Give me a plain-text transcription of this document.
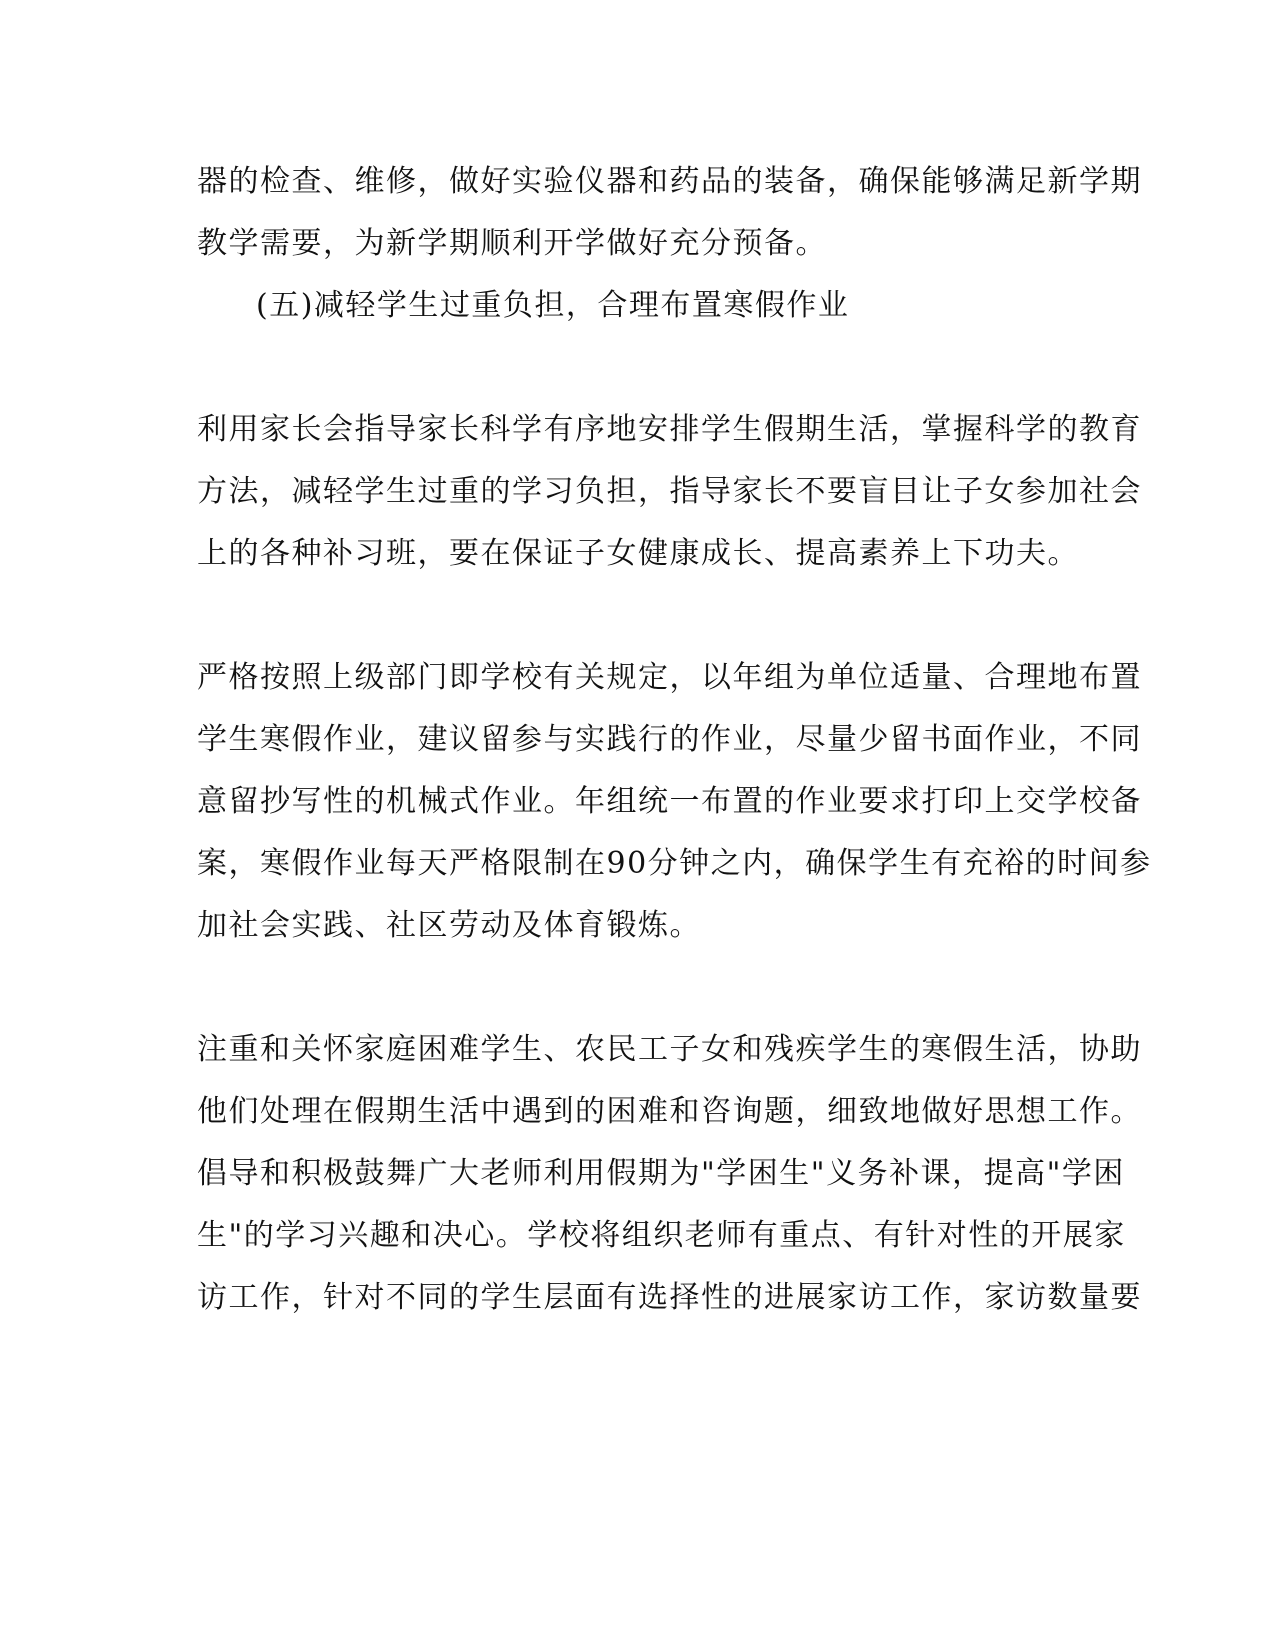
器的检查、维修，做好实验仪器和药品的装备，确保能够满足新学期
教学需要，为新学期顺利开学做好充分预备。
(五)减轻学生过重负担，合理布置寒假作业
利用家长会指导家长科学有序地安排学生假期生活，掌握科学的教育
方法，减轻学生过重的学习负担，指导家长不要盲目让子女参加社会
上的各种补习班，要在保证子女健康成长、提高素养上下功夫。
严格按照上级部门即学校有关规定，以年组为单位适量、合理地布置
学生寒假作业，建议留参与实践行的作业，尽量少留书面作业，不同
意留抄写性的机械式作业。年组统一布置的作业要求打印上交学校备
案，寒假作业每天严格限制在90分钟之内，确保学生有充裕的时间参
加社会实践、社区劳动及体育锻炼。
注重和关怀家庭困难学生、农民工子女和残疾学生的寒假生活，协助
他们处理在假期生活中遇到的困难和咨询题，细致地做好思想工作。
倡导和积极鼓舞广大老师利用假期为"学困生"义务补课，提高"学困
生"的学习兴趣和决心。学校将组织老师有重点、有针对性的开展家
访工作，针对不同的学生层面有选择性的进展家访工作，家访数量要
